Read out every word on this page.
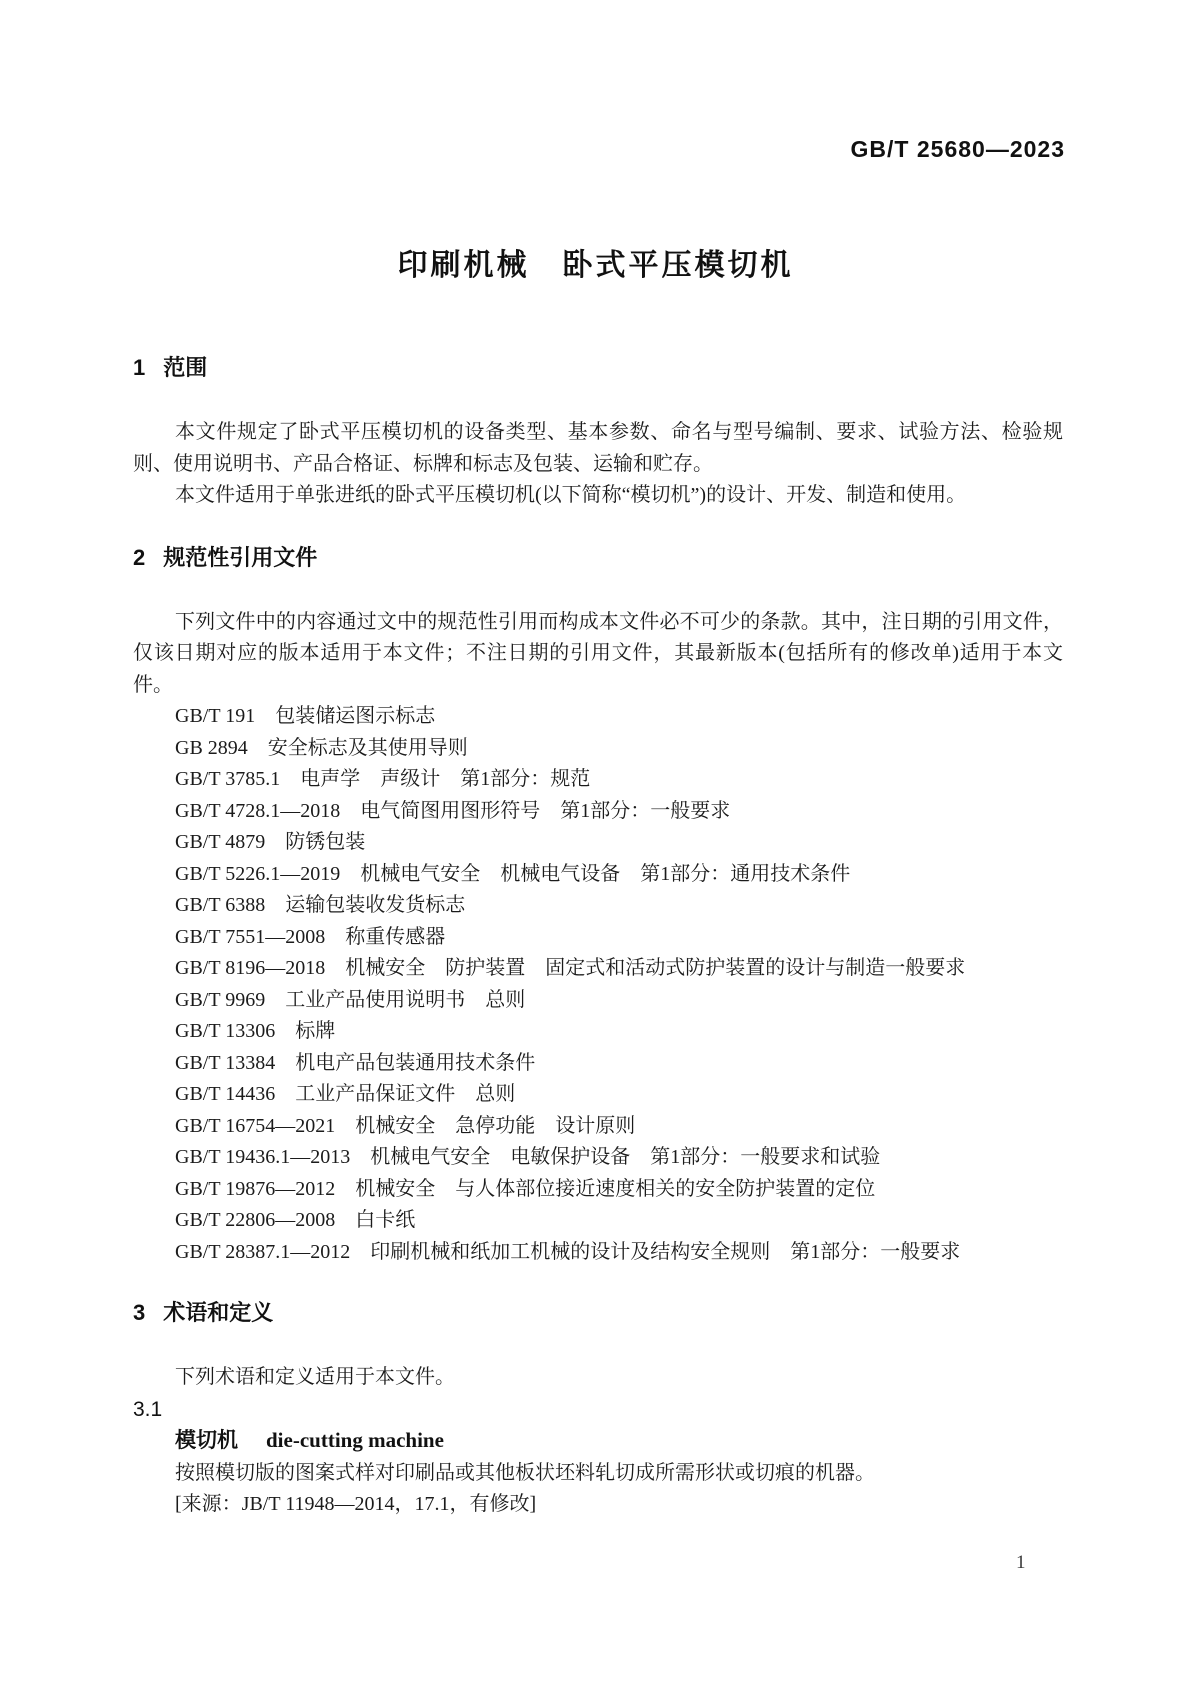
GB/T 25680—2023
印刷机械　卧式平压模切机
1 范围

本文件规定了卧式平压模切机的设备类型、基本参数、命名与型号编制、要求、试验方法、检验规则、使用说明书、产品合格证、标牌和标志及包装、运输和贮存。

本文件适用于单张进纸的卧式平压模切机(以下简称“模切机”)的设计、开发、制造和使用。

2 规范性引用文件

下列文件中的内容通过文中的规范性引用而构成本文件必不可少的条款。其中，注日期的引用文件，仅该日期对应的版本适用于本文件；不注日期的引用文件，其最新版本(包括所有的修改单)适用于本文件。

GB/T 191　包装储运图示标志
GB 2894　安全标志及其使用导则
GB/T 3785.1　电声学　声级计　第1部分：规范
GB/T 4728.1—2018　电气简图用图形符号　第1部分：一般要求
GB/T 4879　防锈包装
GB/T 5226.1—2019　机械电气安全　机械电气设备　第1部分：通用技术条件
GB/T 6388　运输包装收发货标志
GB/T 7551—2008　称重传感器
GB/T 8196—2018　机械安全　防护装置　固定式和活动式防护装置的设计与制造一般要求
GB/T 9969　工业产品使用说明书　总则
GB/T 13306　标牌
GB/T 13384　机电产品包装通用技术条件
GB/T 14436　工业产品保证文件　总则
GB/T 16754—2021　机械安全　急停功能　设计原则
GB/T 19436.1—2013　机械电气安全　电敏保护设备　第1部分：一般要求和试验
GB/T 19876—2012　机械安全　与人体部位接近速度相关的安全防护装置的定位
GB/T 22806—2008　白卡纸
GB/T 28387.1—2012　印刷机械和纸加工机械的设计及结构安全规则　第1部分：一般要求
3 术语和定义

下列术语和定义适用于本文件。

3.1
模切机 die-cutting machine
按照模切版的图案式样对印刷品或其他板状坯料轧切成所需形状或切痕的机器。
[来源：JB/T 11948—2014，17.1，有修改]
1
